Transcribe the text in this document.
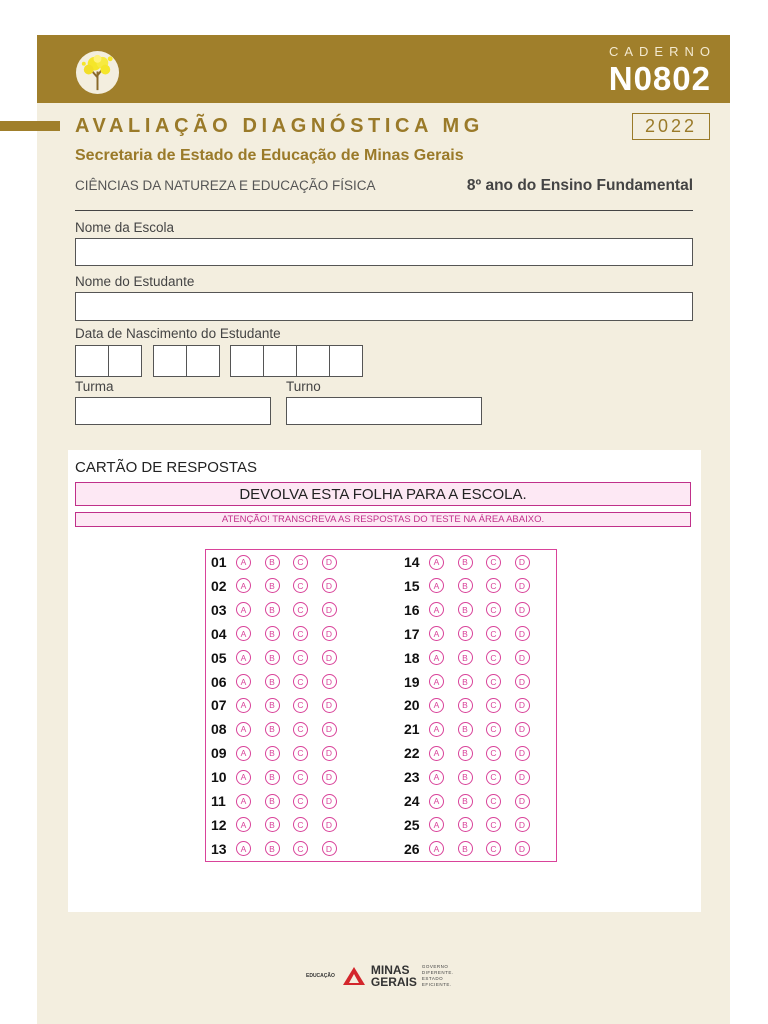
CADERNO
N0802
AVALIAÇÃO DIAGNÓSTICA MG	2022
Secretaria de Estado de Educação de Minas Gerais
CIÊNCIAS DA NATUREZA E EDUCAÇÃO FÍSICA	8º ano do Ensino Fundamental
Nome da Escola
Nome do Estudante
Data de Nascimento do Estudante
Turma	Turno
CARTÃO DE RESPOSTAS
DEVOLVA ESTA FOLHA PARA A ESCOLA.
ATENÇÃO! TRANSCREVA AS RESPOSTAS DO TESTE NA ÁREA ABAIXO.
01	A	B	C	D
02	A	B	C	D
03	A	B	C	D
04	A	B	C	D
05	A	B	C	D
06	A	B	C	D
07	A	B	C	D
08	A	B	C	D
09	A	B	C	D
10	A	B	C	D
11	A	B	C	D
12	A	B	C	D
13	A	B	C	D
14	A	B	C	D
15	A	B	C	D
16	A	B	C	D
17	A	B	C	D
18	A	B	C	D
19	A	B	C	D
20	A	B	C	D
21	A	B	C	D
22	A	B	C	D
23	A	B	C	D
24	A	B	C	D
25	A	B	C	D
26	A	B	C	D
EDUCAÇÃO	MINAS
GERAIS
GOVERNO
DIFERENTE.
ESTADO
EFICIENTE.
